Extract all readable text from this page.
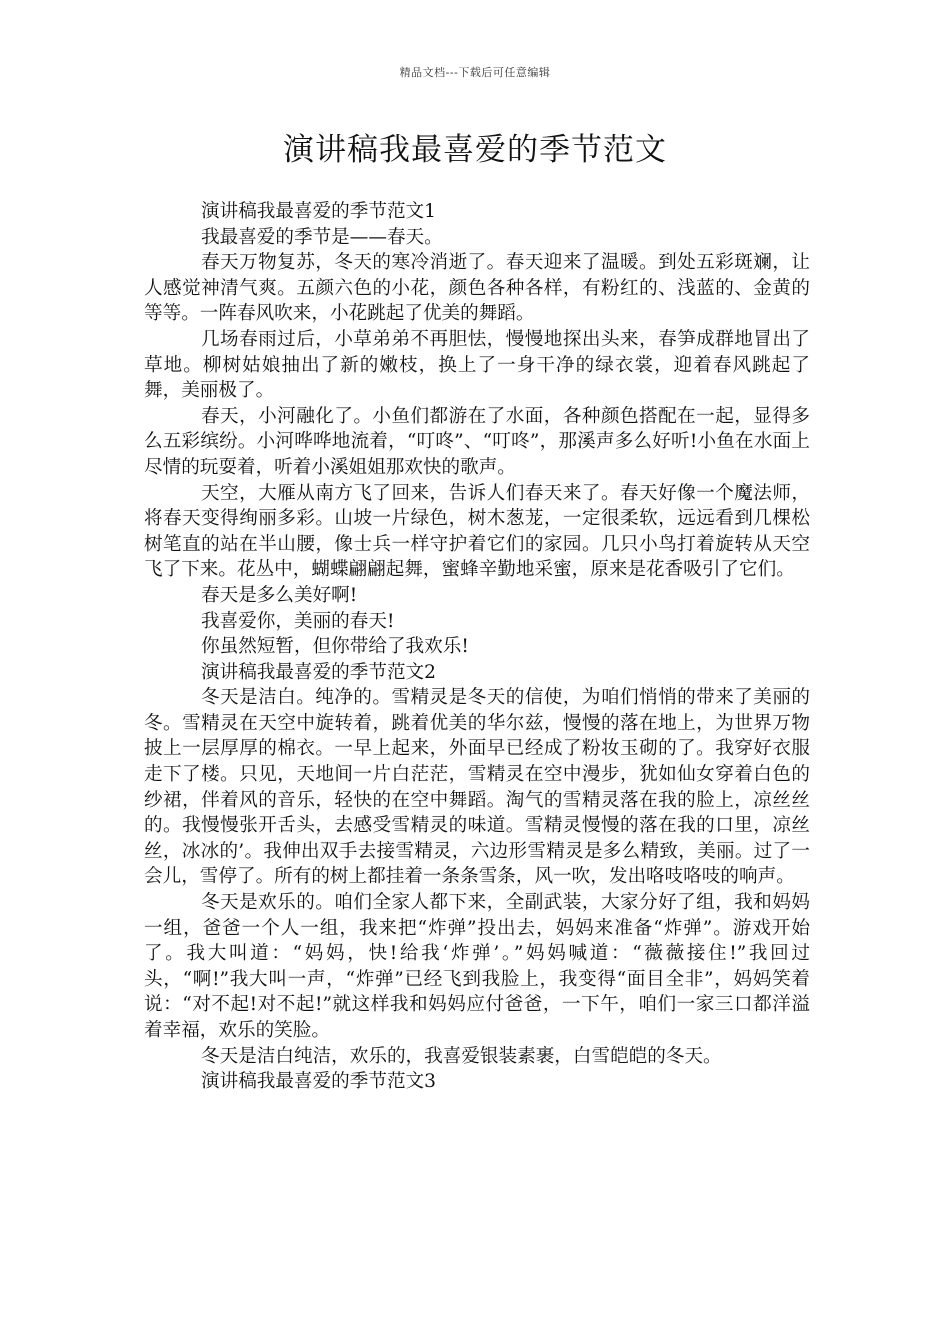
精品文档---下载后可任意编辑
演讲稿我最喜爱的季节范文

演讲稿我最喜爱的季节范文1

我最喜爱的季节是——春天。

春天万物复苏，冬天的寒冷消逝了。春天迎来了温暖。到处五彩斑斓，让人感觉神清气爽。五颜六色的小花，颜色各种各样，有粉红的、浅蓝的、金黄的等等。一阵春风吹来，小花跳起了优美的舞蹈。

几场春雨过后，小草弟弟不再胆怯，慢慢地探出头来，春笋成群地冒出了草地。柳树姑娘抽出了新的嫩枝，换上了一身干净的绿衣裳，迎着春风跳起了舞，美丽极了。

春天，小河融化了。小鱼们都游在了水面，各种颜色搭配在一起，显得多么五彩缤纷。小河哗哗地流着，“叮咚”、“叮咚”，那溪声多么好听!小鱼在水面上尽情的玩耍着，听着小溪姐姐那欢快的歌声。

天空，大雁从南方飞了回来，告诉人们春天来了。春天好像一个魔法师，将春天变得绚丽多彩。山坡一片绿色，树木葱茏，一定很柔软，远远看到几棵松树笔直的站在半山腰，像士兵一样守护着它们的家园。几只小鸟打着旋转从天空飞了下来。花丛中，蝴蝶翩翩起舞，蜜蜂辛勤地采蜜，原来是花香吸引了它们。

春天是多么美好啊!

我喜爱你，美丽的春天!

你虽然短暂，但你带给了我欢乐!

演讲稿我最喜爱的季节范文2

冬天是洁白。纯净的。雪精灵是冬天的信使，为咱们悄悄的带来了美丽的冬。雪精灵在天空中旋转着，跳着优美的华尔兹，慢慢的落在地上，为世界万物披上一层厚厚的棉衣。一早上起来，外面早已经成了粉妆玉砌的了。我穿好衣服走下了楼。只见，天地间一片白茫茫，雪精灵在空中漫步，犹如仙女穿着白色的纱裙，伴着风的音乐，轻快的在空中舞蹈。淘气的雪精灵落在我的脸上，凉丝丝的。我慢慢张开舌头，去感受雪精灵的味道。雪精灵慢慢的落在我的口里，凉丝丝，冰冰的’。我伸出双手去接雪精灵，六边形雪精灵是多么精致，美丽。过了一会儿，雪停了。所有的树上都挂着一条条雪条，风一吹，发出咯吱咯吱的响声。

冬天是欢乐的。咱们全家人都下来，全副武装，大家分好了组，我和妈妈一组，爸爸一个人一组，我来把“炸弹”投出去，妈妈来准备“炸弹”。游戏开始了。我大叫道：“妈妈，快!给我‘炸弹’。”妈妈喊道：“薇薇接住!”我回过头，“啊!”我大叫一声，“炸弹”已经飞到我脸上，我变得“面目全非”，妈妈笑着说：“对不起!对不起!”就这样我和妈妈应付爸爸，一下午，咱们一家三口都洋溢着幸福，欢乐的笑脸。

冬天是洁白纯洁，欢乐的，我喜爱银装素裹，白雪皑皑的冬天。

演讲稿我最喜爱的季节范文3
